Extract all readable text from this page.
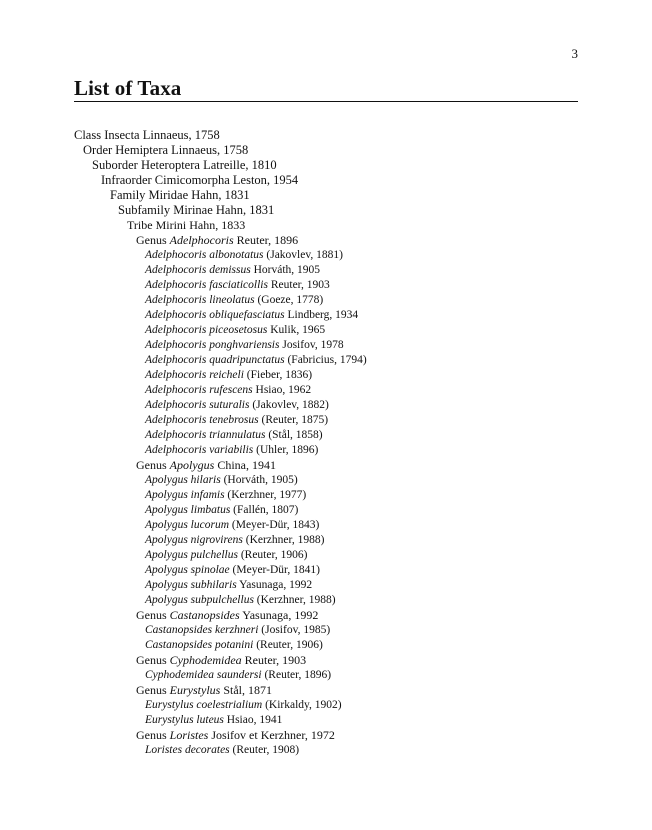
3
List of Taxa
Class Insecta Linnaeus, 1758
Order Hemiptera Linnaeus, 1758
Suborder Heteroptera Latreille, 1810
Infraorder Cimicomorpha Leston, 1954
Family Miridae Hahn, 1831
Subfamily Mirinae Hahn, 1831
Tribe Mirini Hahn, 1833
Genus Adelphocoris Reuter, 1896
Adelphocoris albonotatus (Jakovlev, 1881)
Adelphocoris demissus Horváth, 1905
Adelphocoris fasciaticollis Reuter, 1903
Adelphocoris lineolatus (Goeze, 1778)
Adelphocoris obliquefasciatus Lindberg, 1934
Adelphocoris piceosetosus Kulik, 1965
Adelphocoris ponghvariensis Josifov, 1978
Adelphocoris quadripunctatus (Fabricius, 1794)
Adelphocoris reicheli (Fieber, 1836)
Adelphocoris rufescens Hsiao, 1962
Adelphocoris suturalis (Jakovlev, 1882)
Adelphocoris tenebrosus (Reuter, 1875)
Adelphocoris triannulatus (Stål, 1858)
Adelphocoris variabilis (Uhler, 1896)
Genus Apolygus China, 1941
Apolygus hilaris (Horváth, 1905)
Apolygus infamis (Kerzhner, 1977)
Apolygus limbatus (Fallén, 1807)
Apolygus lucorum (Meyer-Dür, 1843)
Apolygus nigrovirens (Kerzhner, 1988)
Apolygus pulchellus (Reuter, 1906)
Apolygus spinolae (Meyer-Dür, 1841)
Apolygus subhilaris Yasunaga, 1992
Apolygus subpulchellus (Kerzhner, 1988)
Genus Castanopsides Yasunaga, 1992
Castanopsides kerzhneri (Josifov, 1985)
Castanopsides potanini (Reuter, 1906)
Genus Cyphodemidea Reuter, 1903
Cyphodemidea saundersi (Reuter, 1896)
Genus Eurystylus Stål, 1871
Eurystylus coelestrialium (Kirkaldy, 1902)
Eurystylus luteus Hsiao, 1941
Genus Loristes Josifov et Kerzhner, 1972
Loristes decorates (Reuter, 1908)
